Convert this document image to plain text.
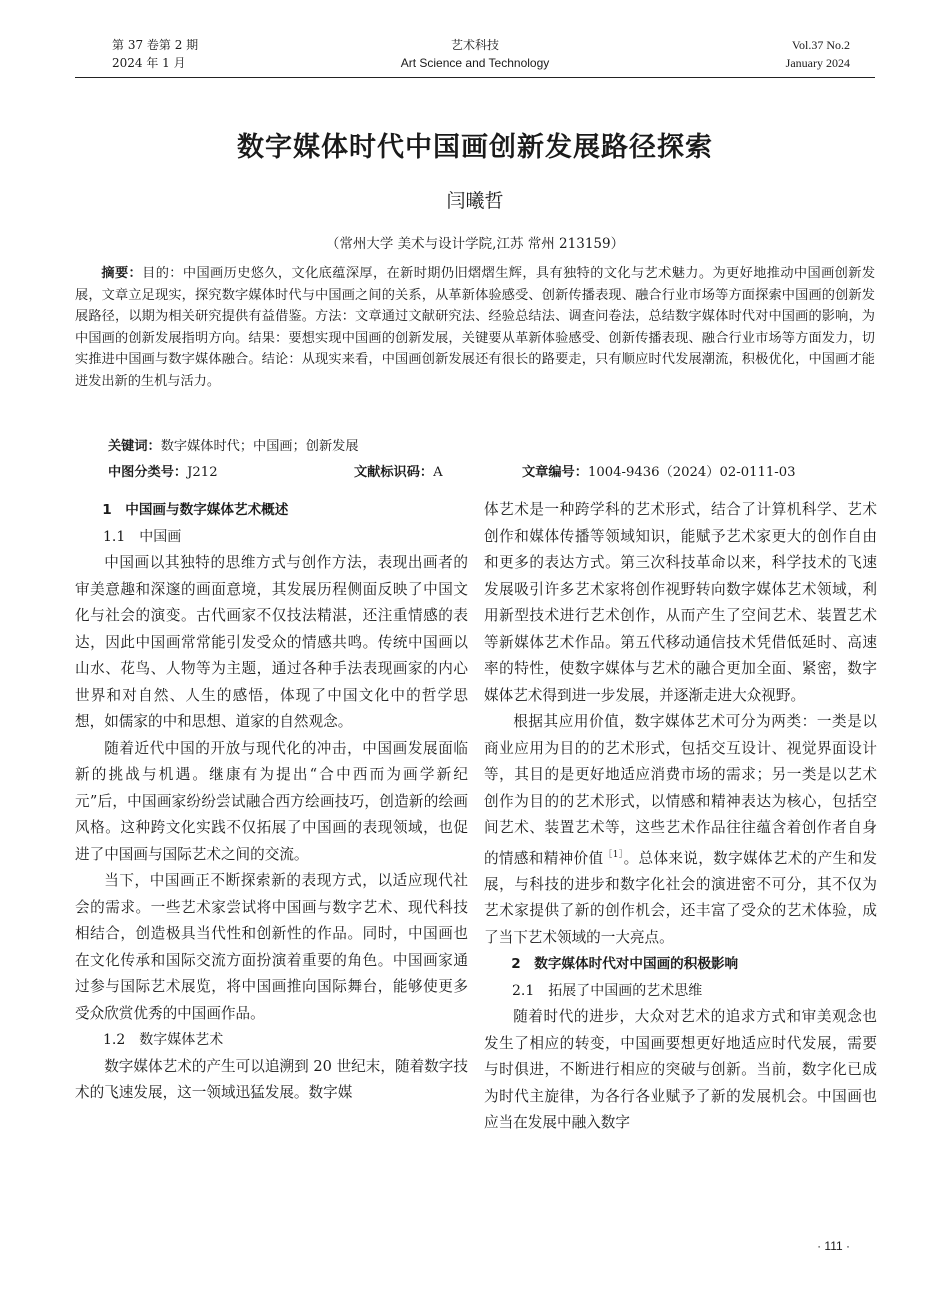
第 37 卷第 2 期
2024 年 1 月
艺术科技
Art Science and Technology
Vol.37 No.2
January 2024
数字媒体时代中国画创新发展路径探索
闫曦哲
（常州大学 美术与设计学院,江苏 常州 213159）
摘要：目的：中国画历史悠久，文化底蕴深厚，在新时期仍旧熠熠生辉，具有独特的文化与艺术魅力。为更好地推动中国画创新发展，文章立足现实，探究数字媒体时代与中国画之间的关系，从革新体验感受、创新传播表现、融合行业市场等方面探索中国画的创新发展路径，以期为相关研究提供有益借鉴。方法：文章通过文献研究法、经验总结法、调查问卷法，总结数字媒体时代对中国画的影响，为中国画的创新发展指明方向。结果：要想实现中国画的创新发展，关键要从革新体验感受、创新传播表现、融合行业市场等方面发力，切实推进中国画与数字媒体融合。结论：从现实来看，中国画创新发展还有很长的路要走，只有顺应时代发展潮流，积极优化，中国画才能迸发出新的生机与活力。
关键词：数字媒体时代；中国画；创新发展
中图分类号：J212	文献标识码：A	文章编号：1004-9436（2024）02-0111-03

1　中国画与数字媒体艺术概述

1.1　中国画

中国画以其独特的思维方式与创作方法，表现出画者的审美意趣和深邃的画面意境，其发展历程侧面反映了中国文化与社会的演变。古代画家不仅技法精湛，还注重情感的表达，因此中国画常常能引发受众的情感共鸣。传统中国画以山水、花鸟、人物等为主题，通过各种手法表现画家的内心世界和对自然、人生的感悟，体现了中国文化中的哲学思想，如儒家的中和思想、道家的自然观念。

随着近代中国的开放与现代化的冲击，中国画发展面临新的挑战与机遇。继康有为提出“合中西而为画学新纪元”后，中国画家纷纷尝试融合西方绘画技巧，创造新的绘画风格。这种跨文化实践不仅拓展了中国画的表现领域，也促进了中国画与国际艺术之间的交流。

当下，中国画正不断探索新的表现方式，以适应现代社会的需求。一些艺术家尝试将中国画与数字艺术、现代科技相结合，创造极具当代性和创新性的作品。同时，中国画也在文化传承和国际交流方面扮演着重要的角色。中国画家通过参与国际艺术展览，将中国画推向国际舞台，能够使更多受众欣赏优秀的中国画作品。

1.2　数字媒体艺术

数字媒体艺术的产生可以追溯到 20 世纪末，随着数字技术的飞速发展，这一领域迅猛发展。数字媒

体艺术是一种跨学科的艺术形式，结合了计算机科学、艺术创作和媒体传播等领域知识，能赋予艺术家更大的创作自由和更多的表达方式。第三次科技革命以来，科学技术的飞速发展吸引许多艺术家将创作视野转向数字媒体艺术领域，利用新型技术进行艺术创作，从而产生了空间艺术、装置艺术等新媒体艺术作品。第五代移动通信技术凭借低延时、高速率的特性，使数字媒体与艺术的融合更加全面、紧密，数字媒体艺术得到进一步发展，并逐渐走进大众视野。

根据其应用价值，数字媒体艺术可分为两类：一类是以商业应用为目的的艺术形式，包括交互设计、视觉界面设计等，其目的是更好地适应消费市场的需求；另一类是以艺术创作为目的的艺术形式，以情感和精神表达为核心，包括空间艺术、装置艺术等，这些艺术作品往往蕴含着创作者自身的情感和精神价值$^{[1]}$。总体来说，数字媒体艺术的产生和发展，与科技的进步和数字化社会的演进密不可分，其不仅为艺术家提供了新的创作机会，还丰富了受众的艺术体验，成了当下艺术领域的一大亮点。

2　数字媒体时代对中国画的积极影响

2.1　拓展了中国画的艺术思维

随着时代的进步，大众对艺术的追求方式和审美观念也发生了相应的转变，中国画要想更好地适应时代发展，需要与时俱进，不断进行相应的突破与创新。当前，数字化已成为时代主旋律，为各行各业赋予了新的发展机会。中国画也应当在发展中融入数字

· 111 ·
